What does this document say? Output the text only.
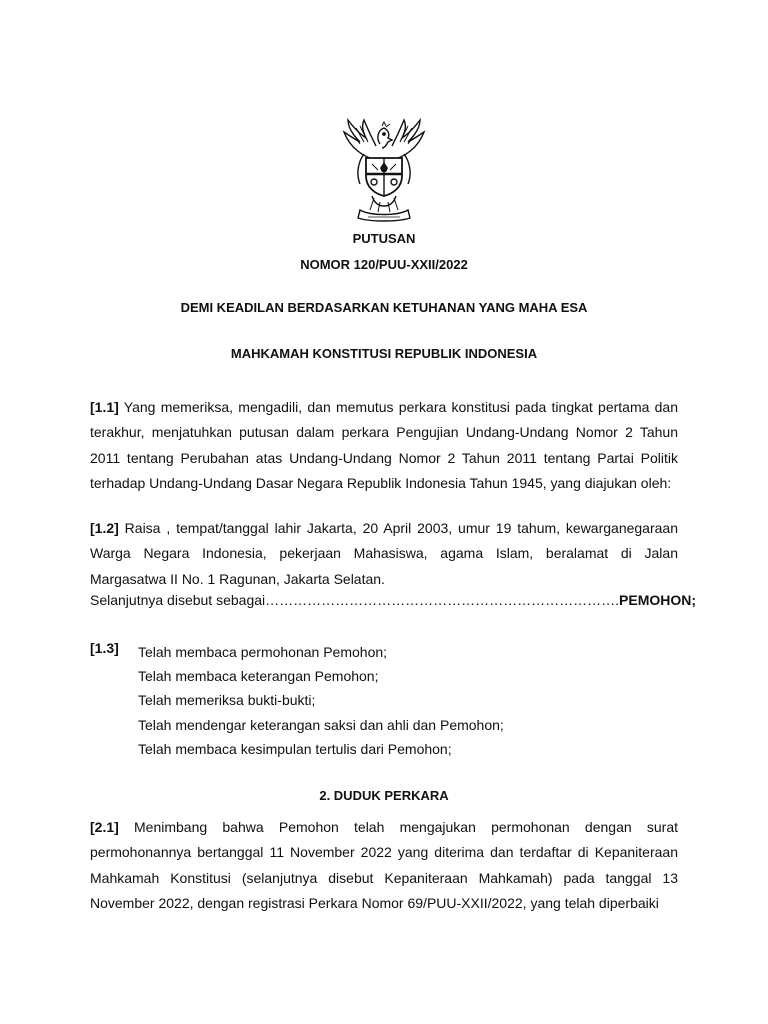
PUTUSAN
NOMOR 120/PUU-XXII/2022
DEMI KEADILAN BERDASARKAN KETUHANAN YANG MAHA ESA
MAHKAMAH KONSTITUSI REPUBLIK INDONESIA

[1.1] Yang memeriksa, mengadili, dan memutus perkara konstitusi pada tingkat pertama dan terakhur, menjatuhkan putusan dalam perkara Pengujian Undang-Undang Nomor 2 Tahun 2011 tentang Perubahan atas Undang-Undang Nomor 2 Tahun 2011 tentang Partai Politik terhadap Undang-Undang Dasar Negara Republik Indonesia Tahun 1945, yang diajukan oleh:

[1.2] Raisa , tempat/tanggal lahir Jakarta, 20 April 2003, umur 19 tahum, kewarganegaraan Warga Negara Indonesia, pekerjaan Mahasiswa, agama Islam, beralamat di Jalan Margasatwa II No. 1 Ragunan, Jakarta Selatan.

Selanjutnya disebut sebagai………………………………………………………………….PEMOHON;
[1.3] Telah membaca permohonan Pemohon;
Telah membaca keterangan Pemohon;
Telah memeriksa bukti-bukti;
Telah mendengar keterangan saksi dan ahli dan Pemohon;
Telah membaca kesimpulan tertulis dari Pemohon;
2. DUDUK PERKARA

[2.1] Menimbang bahwa Pemohon telah mengajukan permohonan dengan surat permohonannya bertanggal 11 November 2022 yang diterima dan terdaftar di Kepaniteraan Mahkamah Konstitusi (selanjutnya disebut Kepaniteraan Mahkamah) pada tanggal 13 November 2022, dengan registrasi Perkara Nomor 69/PUU-XXII/2022, yang telah diperbaiki
